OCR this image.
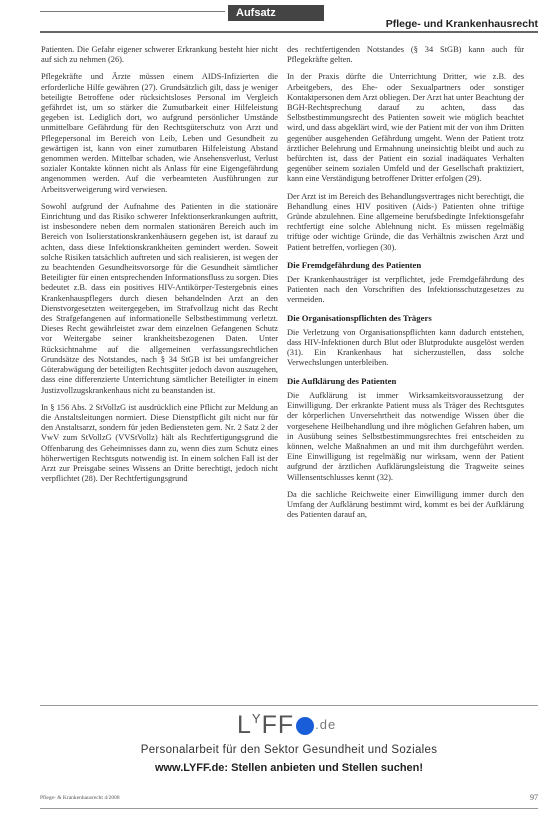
Aufsatz
Pflege- und Krankenhausrecht

Patienten. Die Gefahr eigener schwerer Erkrankung besteht hier nicht auf sich zu nehmen (26).

Pflegekräfte und Ärzte müssen einem AIDS-Infizierten die erforderliche Hilfe gewähren (27). Grundsätzlich gilt, dass je weniger beteiligte Betroffene oder rücksichtsloses Personal im Vergleich gefährdet ist, um so stärker die Zumutbarkeit einer Hilfeleistung gegeben ist. Lediglich dort, wo aufgrund persönlicher Umstände unmittelbare Gefährdung für den Rechtsgüterschutz von Arzt und Pflegepersonal im Bereich von Leib, Leben und Gesundheit zu gewärtigen ist, kann von einer zumutbaren Hilfeleistung Abstand genommen werden. Mittelbar schaden, wie Ansehensverlust, Verlust sozialer Kontakte können nicht als Anlass für eine Eigengefährdung angenommen werden. Auf die verbeamteten Ausführungen zur Arbeitsverweigerung wird verwiesen.

Sowohl aufgrund der Aufnahme des Patienten in die stationäre Einrichtung und das Risiko schwerer Infektionserkrankungen auftritt, ist insbesondere neben dem normalen stationären Bereich auch im Bereich von Isolierstationskrankenhäusern gegeben ist, ist darauf zu achten, dass diese Infektionskrankheiten gemindert werden. Soweit solche Risiken tatsächlich auftreten und sich realisieren, ist wegen der zu beachtenden Gesundheitsvorsorge für die Gesundheit sämtlicher Beteiligter für einen entsprechenden Informationsfluss zu sorgen. Dies bedeutet z.B. dass ein positives HIV-Antikörper-Testergebnis eines Krankenhauspflegers durch diesen behandelnden Arzt an den Dienstvorgesetzten weitergegeben, im Strafvollzug nicht das Recht des Strafgefangenen auf informationelle Selbstbestimmung verletzt. Dieses Recht gewährleistet zwar dem einzelnen Gefangenen Schutz vor Weitergabe seiner krankheitsbezogenen Daten. Unter Rücksichtnahme auf die allgemeinen verfassungsrechtlichen Grundsätze des Notstandes, nach § 34 StGB ist bei umfangreicher Güterabwägung der beteiligten Rechtsgüter jedoch davon auszugehen, dass eine differenzierte Unterrichtung sämtlicher Beteiligter in einem Justizvollzugskrankenhaus nicht zu beanstanden ist.

In § 156 Abs. 2 StVollzG ist ausdrücklich eine Pflicht zur Meldung an die Anstaltsleitungen normiert. Diese Dienstpflicht gilt nicht nur für den Anstaltsarzt, sondern für jeden Bediensteten gem. Nr. 2 Satz 2 der VwV zum StVollzG (VVStVollz) hält als Rechtfertigungsgrund die Offenbarung des Geheimnisses dann zu, wenn dies zum Schutz eines höherwertigen Rechtsguts notwendig ist. In einem solchen Fall ist der Arzt zur Preisgabe seines Wissens an Dritte berechtigt, jedoch nicht verpflichtet (28). Der Rechtfertigungsgrund

des rechtfertigenden Notstandes (§ 34 StGB) kann auch für Pflegekräfte gelten.

In der Praxis dürfte die Unterrichtung Dritter, wie z.B. des Arbeitgebers, des Ehe- oder Sexualpartners oder sonstiger Kontaktpersonen dem Arzt obliegen. Der Arzt hat unter Beachtung der BGH-Rechtsprechung darauf zu achten, dass das Selbstbestimmungsrecht des Patienten soweit wie möglich beachtet wird, und dass abgeklärt wird, wie der Patient mit der von ihm Dritten gegenüber ausgehenden Gefährdung umgeht. Wenn der Patient trotz ärztlicher Belehrung und Ermahnung uneinsichtig bleibt und auch zu befürchten ist, dass der Patient ein sozial inadäquates Verhalten gegenüber seinem sozialen Umfeld und der Gesellschaft praktiziert, kann eine Verständigung betroffener Dritter erfolgen (29).

Der Arzt ist im Bereich des Behandlungsvertrages nicht berechtigt, die Behandlung eines HIV positiven (Aids-) Patienten ohne triftige Gründe abzulehnen. Eine allgemeine berufsbedingte Infektionsgefahr rechtfertigt eine solche Ablehnung nicht. Es müssen regelmäßig triftige oder wichtige Gründe, die das Verhältnis zwischen Arzt und Patient betreffen, vorliegen (30).

Die Fremdgefährdung des Patienten

Der Krankenhausträger ist verpflichtet, jede Fremdgefährdung des Patienten nach den Vorschriften des Infektionsschutzgesetzes zu vermeiden.

Die Organisationspflichten des Trägers

Die Verletzung von Organisationspflichten kann dadurch entstehen, dass HIV-Infektionen durch Blut oder Blutprodukte ausgelöst werden (31). Ein Krankenhaus hat sicherzustellen, dass solche Verwechslungen unterbleiben.

Die Aufklärung des Patienten

Die Aufklärung ist immer Wirksamkeitsvoraussetzung der Einwilligung. Der erkrankte Patient muss als Träger des Rechtsgutes der körperlichen Unversehrtheit das notwendige Wissen über die vorgesehene Heilbehandlung und ihre möglichen Gefahren haben, um in Ausübung seines Selbstbestimmungsrechtes frei entscheiden zu können, welche Maßnahmen an und mit ihm durchgeführt werden. Eine Einwilligung ist regelmäßig nur wirksam, wenn der Patient aufgrund der ärztlichen Aufklärungsleistung die Tragweite seines Willensentschlusses kennt (32).

Da die sachliche Reichweite einer Einwilligung immer durch den Umfang der Aufklärung bestimmt wird, kommt es bei der Aufklärung des Patienten darauf an,

$L^YFF$ .de
Personalarbeit für den Sektor Gesundheit und Soziales
www.LYFF.de: Stellen anbieten und Stellen suchen!
Pflege- & Krankenhausrecht 4/2008	97
